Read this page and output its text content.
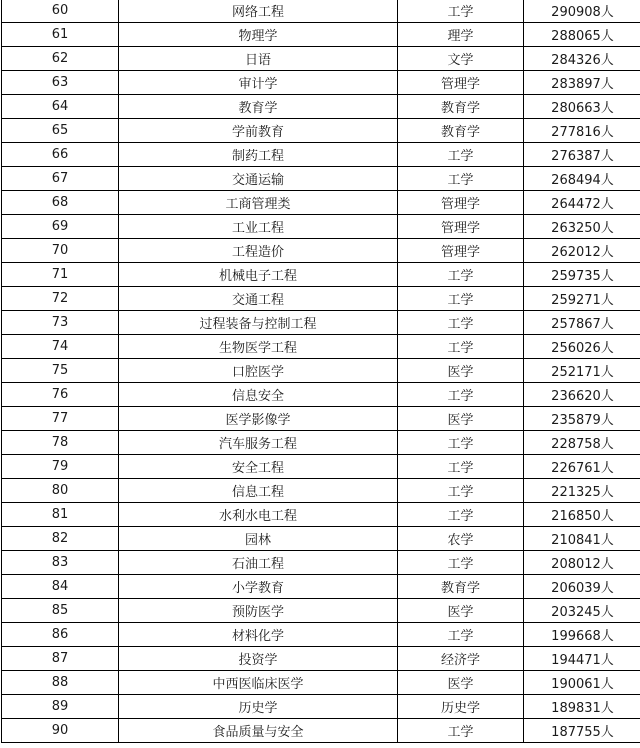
60	网络工程	工学	290908人
61	物理学	理学	288065人
62	日语	文学	284326人
63	审计学	管理学	283897人
64	教育学	教育学	280663人
65	学前教育	教育学	277816人
66	制药工程	工学	276387人
67	交通运输	工学	268494人
68	工商管理类	管理学	264472人
69	工业工程	管理学	263250人
70	工程造价	管理学	262012人
71	机械电子工程	工学	259735人
72	交通工程	工学	259271人
73	过程装备与控制工程	工学	257867人
74	生物医学工程	工学	256026人
75	口腔医学	医学	252171人
76	信息安全	工学	236620人
77	医学影像学	医学	235879人
78	汽车服务工程	工学	228758人
79	安全工程	工学	226761人
80	信息工程	工学	221325人
81	水利水电工程	工学	216850人
82	园林	农学	210841人
83	石油工程	工学	208012人
84	小学教育	教育学	206039人
85	预防医学	医学	203245人
86	材料化学	工学	199668人
87	投资学	经济学	194471人
88	中西医临床医学	医学	190061人
89	历史学	历史学	189831人
90	食品质量与安全	工学	187755人
